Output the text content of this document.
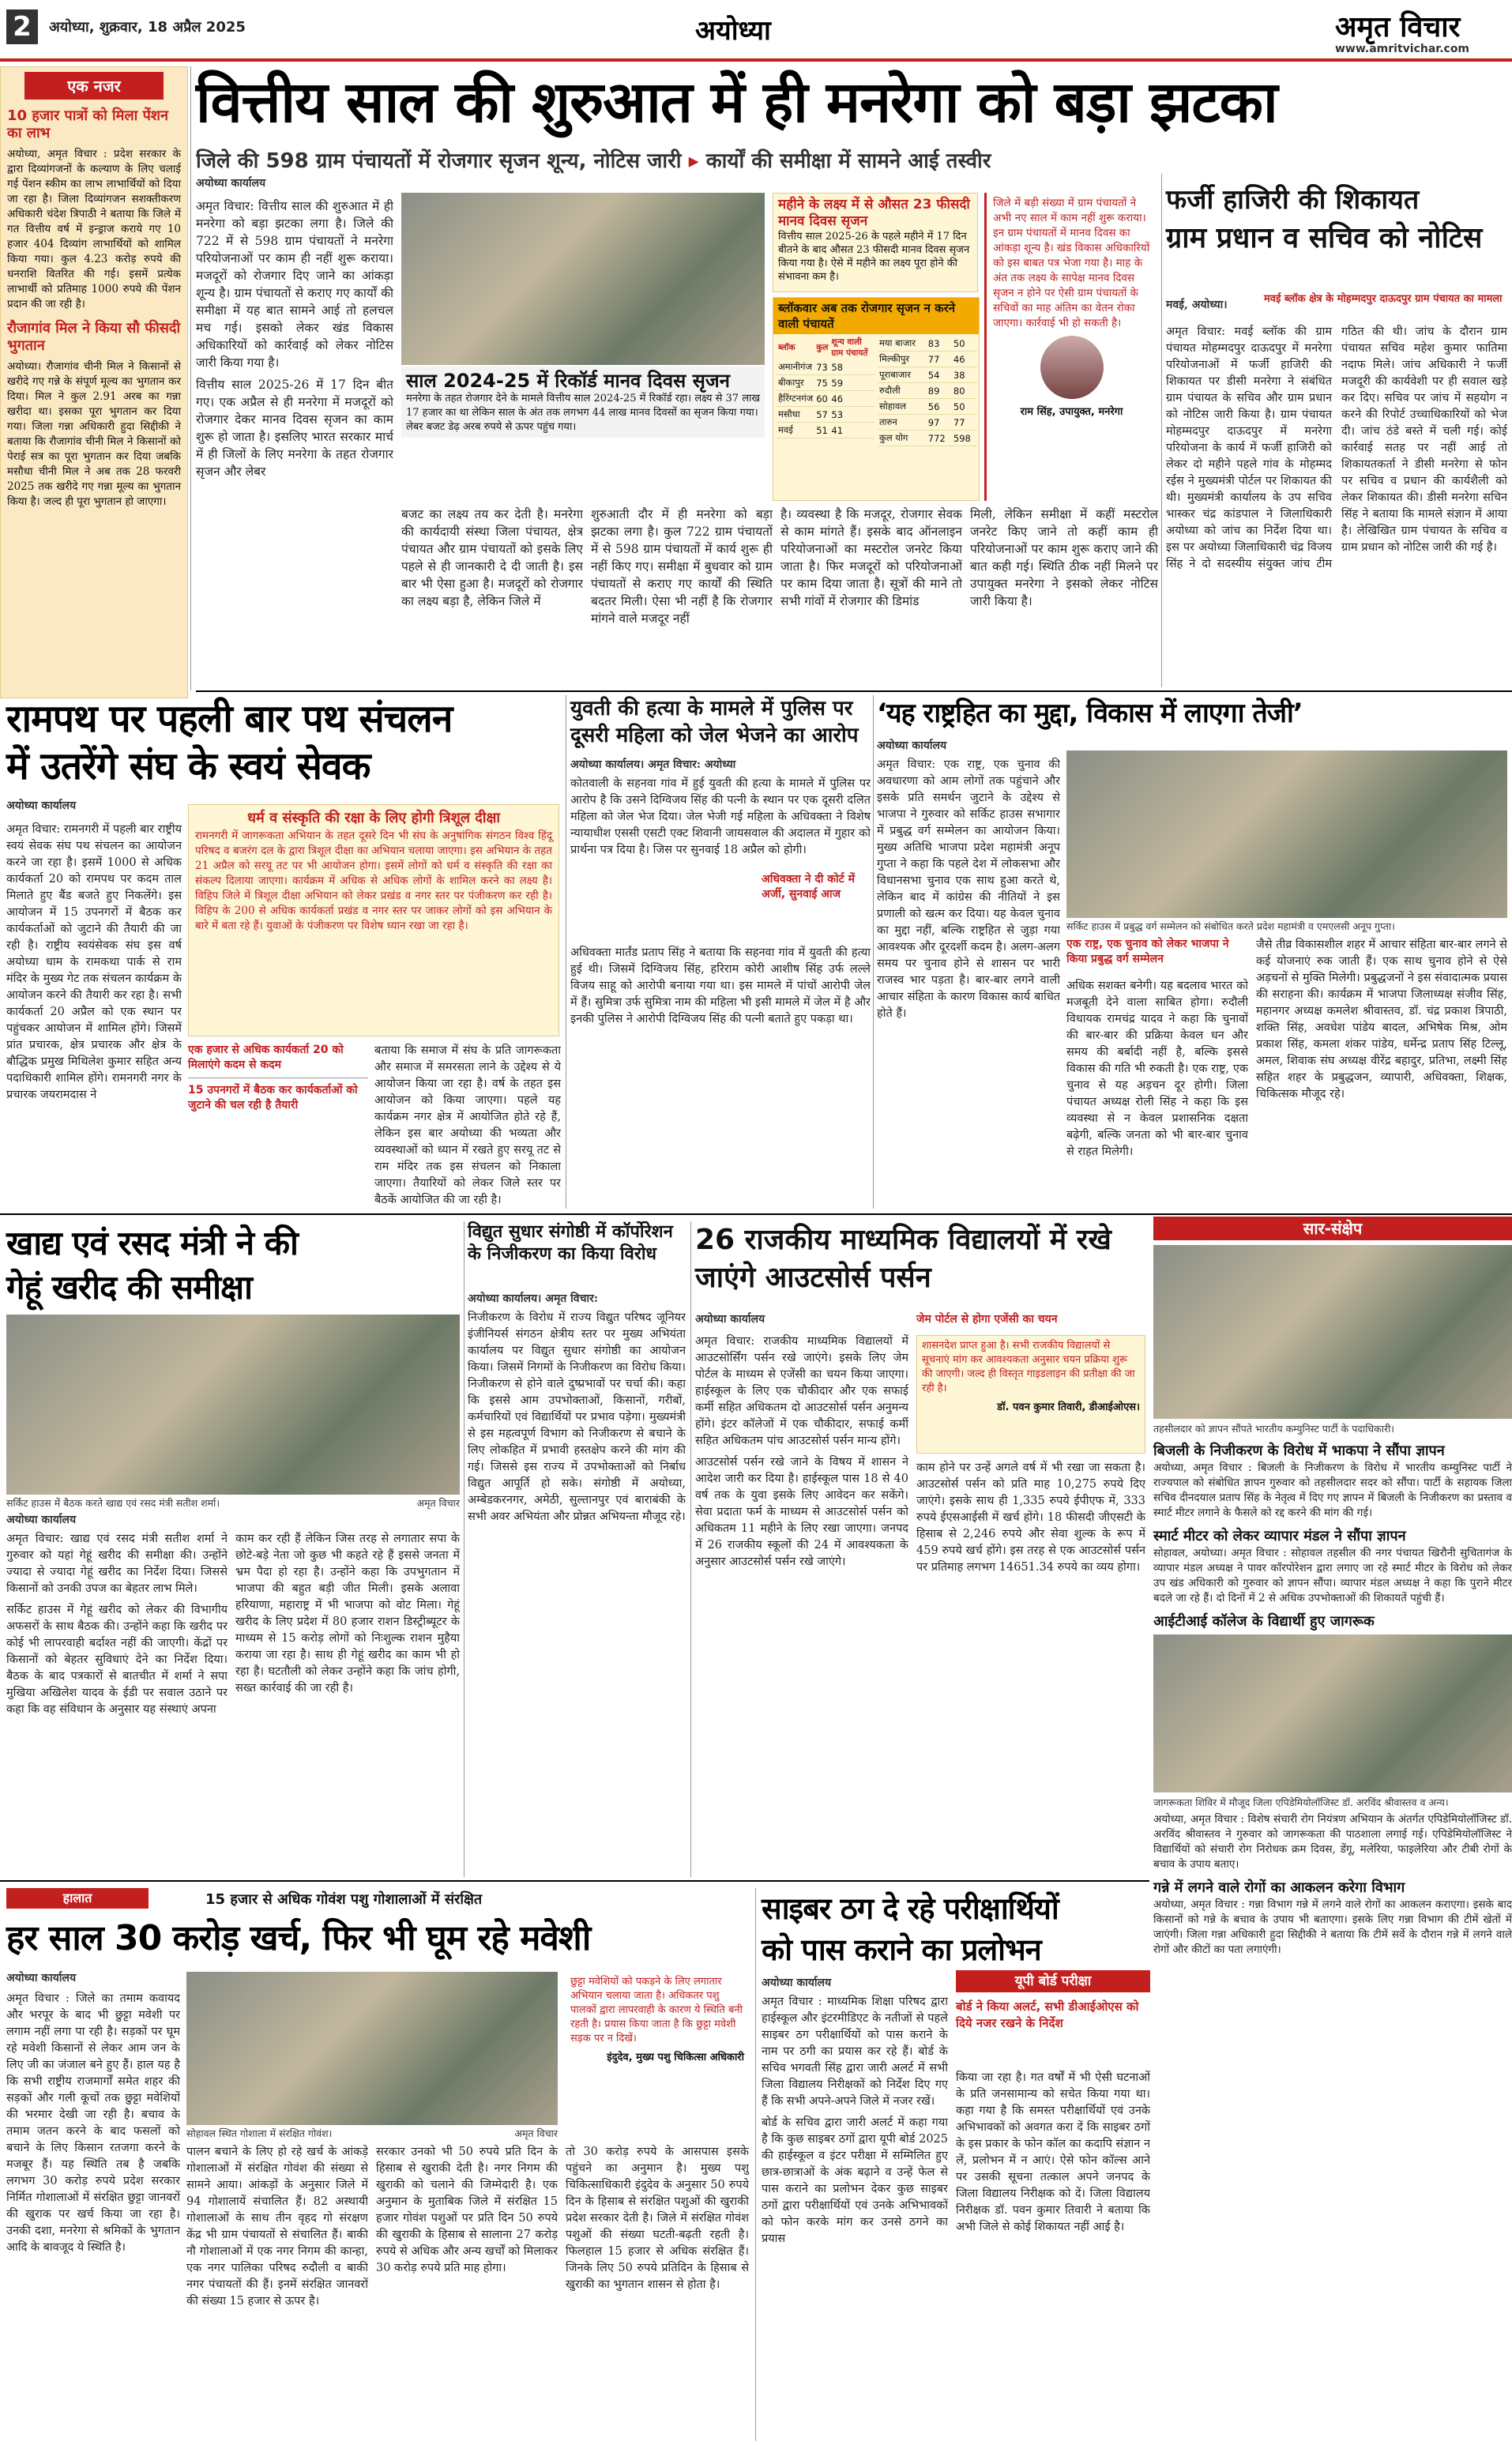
2	अयोध्या, शुक्रवार, 18 अप्रैल 2025	अयोध्या	अमृत विचार
www.amritvichar.com
एक नजर
10 हजार पात्रों को मिला पेंशन का लाभ
अयोध्या, अमृत विचार : प्रदेश सरकार के द्वारा दिव्यांगजनों के कल्याण के लिए चलाई गई पेंशन स्कीम का लाभ लाभार्थियों को दिया जा रहा है। जिला दिव्यांगजन सशक्तीकरण अधिकारी चंदेश त्रिपाठी ने बताया कि जिले में गत वित्तीय वर्ष में इन्ड्राज कराये गए 10 हजार 404 दिव्यांग लाभार्थियों को शामिल किया गया। कुल 4.23 करोड़ रुपये की धनराशि वितरित की गई। इसमें प्रत्येक लाभार्थी को प्रतिमाह 1000 रुपये की पेंशन प्रदान की जा रही है।
रौजागांव मिल ने किया सौ फीसदी भुगतान
अयोध्या। रौजागांव चीनी मिल ने किसानों से खरीदे गए गन्ने के संपूर्ण मूल्य का भुगतान कर दिया। मिल ने कुल 2.91 अरब का गन्ना खरीदा था। इसका पूरा भुगतान कर दिया गया। जिला गन्ना अधिकारी हुदा सिद्दीकी ने बताया कि रौजागांव चीनी मिल ने किसानों को पेराई सत्र का पूरा भुगतान कर दिया जबकि मसौधा चीनी मिल ने अब तक 28 फरवरी 2025 तक खरीदे गए गन्ना मूल्य का भुगतान किया है। जल्द ही पूरा भुगतान हो जाएगा।
वित्तीय साल की शुरुआत में ही मनरेगा को बड़ा झटका
जिले की 598 ग्राम पंचायतों में रोजगार सृजन शून्य, नोटिस जारी ▸ कार्यों की समीक्षा में सामने आई तस्वीर
अयोध्या कार्यालय
साल 2024-25 में रिकॉर्ड मानव दिवस सृजन
मनरेगा के तहत रोजगार देने के मामले वित्तीय साल 2024-25 में रिकॉर्ड रहा। लक्ष्य से 37 लाख 17 हजार का था लेकिन साल के अंत तक लगभग 44 लाख मानव दिवसों का सृजन किया गया। लेबर बजट डेढ़ अरब रुपये से ऊपर पहुंच गया।

अमृत विचार: वित्तीय साल की शुरुआत में ही मनरेगा को बड़ा झटका लगा है। जिले की 722 में से 598 ग्राम पंचायतों ने मनरेगा परियोजनाओं पर काम ही नहीं शुरू कराया। मजदूरों को रोजगार दिए जाने का आंकड़ा शून्य है। ग्राम पंचायतों से कराए गए कार्यों की समीक्षा में यह बात सामने आई तो हलचल मच गई। इसको लेकर खंड विकास अधिकारियों को कार्रवाई को लेकर नोटिस जारी किया गया है।

वित्तीय साल 2025-26 में 17 दिन बीत गए। एक अप्रैल से ही मनरेगा में मजदूरों को रोजगार देकर मानव दिवस सृजन का काम शुरू हो जाता है। इसलिए भारत सरकार मार्च में ही जिलों के लिए मनरेगा के तहत रोजगार सृजन और लेबर

बजट का लक्ष्य तय कर देती है। मनरेगा की कार्यदायी संस्था जिला पंचायत, क्षेत्र पंचायत और ग्राम पंचायतों को इसके लिए पहले से ही जानकारी दे दी जाती है। इस बार भी ऐसा हुआ है। मजदूरों को रोजगार का लक्ष्य बड़ा है, लेकिन जिले में

शुरुआती दौर में ही मनरेगा को बड़ा झटका लगा है। कुल 722 ग्राम पंचायतों में से 598 ग्राम पंचायतों में कार्य शुरू ही नहीं किए गए। समीक्षा में बुधवार को ग्राम पंचायतों से कराए गए कार्यों की स्थिति बदतर मिली। ऐसा भी नहीं है कि रोजगार मांगने वाले मजदूर नहीं

है। व्यवस्था है कि मजदूर, रोजगार सेवक से काम मांगते हैं। इसके बाद ऑनलाइन परियोजनाओं का मस्टरोल जनरेट किया जाता है। फिर मजदूरों को परियोजनाओं पर काम दिया जाता है। सूत्रों की माने तो सभी गांवों में रोजगार की डिमांड

मिली, लेकिन समीक्षा में कहीं मस्टरोल जनरेट किए जाने तो कहीं काम ही परियोजनाओं पर काम शुरू कराए जाने की बात कही गई। स्थिति ठीक नहीं मिलने पर उपायुक्त मनरेगा ने इसको लेकर नोटिस जारी किया है।

महीने के लक्ष्य में से औसत 23 फीसदी मानव दिवस सृजन
वित्तीय साल 2025-26 के पहले महीने में 17 दिन बीतने के बाद औसत 23 फीसदी मानव दिवस सृजन किया गया है। ऐसे में महीने का लक्ष्य पूरा होने की संभावना कम है।
जिले में बड़ी संख्या में ग्राम पंचायतों ने अभी नए साल में काम नहीं शुरू कराया। इन ग्राम पंचायतों में मानव दिवस का आंकड़ा शून्य है। खंड विकास अधिकारियों को इस बाबत पत्र भेजा गया है। माह के अंत तक लक्ष्य के सापेक्ष मानव दिवस सृजन न होने पर ऐसी ग्राम पंचायतों के सचिवों का माह अंतिम का वेतन रोका जाएगा। कार्रवाई भी हो सकती है।
राम सिंह, उपायुक्त, मनरेगा
ब्लॉकवार अब तक रोजगार सृजन न करने वाली पंचायतें
ब्लॉक	कुल	शून्य वाली ग्राम पंचायतें
अमानीगंज	73	58
बीकापुर	75	59
हैरिंग्टनगंज	60	46
मसौधा	57	53
मवई	51	41
मया बाजार	83	50
मिल्कीपुर	77	46
पूराबाजार	54	38
रुदौली	89	80
सोहावल	56	50
तारुन	97	77
कुल योग	772	598
फर्जी हाजिरी की शिकायत
ग्राम प्रधान व सचिव को नोटिस
मवई ब्लॉक क्षेत्र के मोहम्मदपुर दाऊदपुर ग्राम पंचायत का मामला
मवई, अयोध्या।
अमृत विचार: मवई ब्लॉक की ग्राम पंचायत मोहम्मदपुर दाऊदपुर में मनरेगा परियोजनाओं में फर्जी हाजिरी की शिकायत पर डीसी मनरेगा ने संबंधित ग्राम पंचायत के सचिव और ग्राम प्रधान को नोटिस जारी किया है। ग्राम पंचायत मोहम्मदपुर दाऊदपुर में मनरेगा परियोजना के कार्य में फर्जी हाजिरी को लेकर दो महीने पहले गांव के मोहम्मद रईस ने मुख्यमंत्री पोर्टल पर शिकायत की थी। मुख्यमंत्री कार्यालय के उप सचिव भास्कर चंद्र कांडपाल ने जिलाधिकारी अयोध्या को जांच का निर्देश दिया था। इस पर अयोध्या जिलाधिकारी चंद्र विजय सिंह ने दो सदस्यीय संयुक्त जांच टीम गठित की थी। जांच के दौरान ग्राम पंचायत सचिव महेश कुमार फातिमा नदाफ मिले। जांच अधिकारी ने फर्जी मजदूरी की कार्यवेशी पर ही सवाल खड़े कर दिए। सचिव पर जांच में सहयोग न करने की रिपोर्ट उच्चाधिकारियों को भेज दी। जांच ठंडे बस्ते में चली गई। कोई कार्रवाई सतह पर नहीं आई तो शिकायतकर्ता ने डीसी मनरेगा से फोन पर सचिव व प्रधान की कार्यशैली को लेकर शिकायत की। डीसी मनरेगा सचिन सिंह ने बताया कि मामले संज्ञान में आया है। लेखिखित ग्राम पंचायत के सचिव व ग्राम प्रधान को नोटिस जारी की गई है।
रामपथ पर पहली बार पथ संचलन
में उतरेंगे संघ के स्वयं सेवक
अयोध्या कार्यालय
धर्म व संस्कृति की रक्षा के लिए होगी त्रिशूल दीक्षा
रामनगरी में जागरूकता अभियान के तहत दूसरे दिन भी संघ के अनुषांगिक संगठन विश्व हिंदू परिषद व बजरंग दल के द्वारा त्रिशूल दीक्षा का अभियान चलाया जाएगा। इस अभियान के तहत 21 अप्रैल को सरयू तट पर भी आयोजन होगा। इसमें लोगों को धर्म व संस्कृति की रक्षा का संकल्प दिलाया जाएगा। कार्यक्रम में अधिक से अधिक लोगों के शामिल करने का लक्ष्य है। विहिप जिले में त्रिशूल दीक्षा अभियान को लेकर प्रखंड व नगर स्तर पर पंजीकरण कर रही है। विहिप के 200 से अधिक कार्यकर्ता प्रखंड व नगर स्तर पर जाकर लोगों को इस अभियान के बारे में बता रहे हैं। युवाओं के पंजीकरण पर विशेष ध्यान रखा जा रहा है।
अमृत विचार: रामनगरी में पहली बार राष्ट्रीय स्वयं सेवक संघ पथ संचलन का आयोजन करने जा रहा है। इसमें 1000 से अधिक कार्यकर्ता 20 को रामपथ पर कदम ताल मिलाते हुए बैंड बजते हुए निकलेंगे। इस आयोजन में 15 उपनगरों में बैठक कर कार्यकर्ताओं को जुटाने की तैयारी की जा रही है। राष्ट्रीय स्वयंसेवक संघ इस वर्ष अयोध्या धाम के रामकथा पार्क से राम मंदिर के मुख्य गेट तक संचलन कार्यक्रम के आयोजन करने की तैयारी कर रहा है। सभी कार्यकर्ता 20 अप्रैल को एक स्थान पर पहुंचकर आयोजन में शामिल होंगे। जिसमें प्रांत प्रचारक, क्षेत्र प्रचारक और क्षेत्र के बौद्धिक प्रमुख मिथिलेश कुमार सहित अन्य पदाधिकारी शामिल होंगे। रामनगरी नगर के प्रचारक जयरामदास ने
एक हजार से अधिक कार्यकर्ता 20 को मिलाएंगे कदम से कदम
15 उपनगरों में बैठक कर कार्यकर्ताओं को जुटाने की चल रही है तैयारी
बताया कि समाज में संघ के प्रति जागरूकता और समाज में समरसता लाने के उद्देश्य से ये आयोजन किया जा रहा है। वर्ष के तहत इस आयोजन को किया जाएगा। पहले यह कार्यक्रम नगर क्षेत्र में आयोजित होते रहे हैं, लेकिन इस बार अयोध्या की भव्यता और व्यवस्थाओं को ध्यान में रखते हुए सरयू तट से राम मंदिर तक इस संचलन को निकाला जाएगा। तैयारियों को लेकर जिले स्तर पर बैठकें आयोजित की जा रही है।
युवती की हत्या के मामले में पुलिस पर दूसरी महिला को जेल भेजने का आरोप
अयोध्या कार्यालय। अमृत विचार: अयोध्या
कोतवाली के सहनवा गांव में हुई युवती की हत्या के मामले में पुलिस पर आरोप है कि उसने दिग्विजय सिंह की पत्नी के स्थान पर एक दूसरी दलित महिला को जेल भेज दिया। जेल भेजी गई महिला के अधिवक्ता ने विशेष न्यायाधीश एससी एसटी एक्ट शिवानी जायसवाल की अदालत में गुहार को प्रार्थना पत्र दिया है। जिस पर सुनवाई 18 अप्रैल को होगी।
अधिवक्ता ने दी कोर्ट में अर्जी, सुनवाई आज
अधिवक्ता मार्तंड प्रताप सिंह ने बताया कि सहनवा गांव में युवती की हत्या हुई थी। जिसमें दिग्विजय सिंह, हरिराम कोरी आशीष सिंह उर्फ लल्ले विजय साहू को आरोपी बनाया गया था। इस मामले में पांचों आरोपी जेल में हैं। सुमित्रा उर्फ सुमित्रा नाम की महिला भी इसी मामले में जेल में है और इनकी पुलिस ने आरोपी दिग्विजय सिंह की पत्नी बताते हुए पकड़ा था।
‘यह राष्ट्रहित का मुद्दा, विकास में लाएगा तेजी’
अयोध्या कार्यालय
सर्किट हाउस में प्रबुद्ध वर्ग सम्मेलन को संबोधित करते प्रदेश महामंत्री व एमएलसी अनूप गुप्ता।
अमृत विचार: एक राष्ट्र, एक चुनाव की अवधारणा को आम लोगों तक पहुंचाने और इसके प्रति समर्थन जुटाने के उद्देश्य से भाजपा ने गुरुवार को सर्किट हाउस सभागार में प्रबुद्ध वर्ग सम्मेलन का आयोजन किया। मुख्य अतिथि भाजपा प्रदेश महामंत्री अनूप गुप्ता ने कहा कि पहले देश में लोकसभा और विधानसभा चुनाव एक साथ हुआ करते थे, लेकिन बाद में कांग्रेस की नीतियों ने इस प्रणाली को खत्म कर दिया। यह केवल चुनाव का मुद्दा नहीं, बल्कि राष्ट्रहित से जुड़ा गया आवश्यक और दूरदर्शी कदम है। अलग-अलग समय पर चुनाव होने से शासन पर भारी राजस्व भार पड़ता है। बार-बार लगने वाली आचार संहिता के कारण विकास कार्य बाधित होते हैं।
एक राष्ट्र, एक चुनाव को लेकर भाजपा ने किया प्रबुद्ध वर्ग सम्मेलन
अधिक सशक्त बनेगी। यह बदलाव भारत को मजबूती देने वाला साबित होगा। रुदौली विधायक रामचंद्र यादव ने कहा कि चुनावों की बार-बार की प्रक्रिया केवल धन और समय की बर्बादी नहीं है, बल्कि इससे विकास की गति भी रुकती है। एक राष्ट्र, एक चुनाव से यह अड़चन दूर होगी। जिला पंचायत अध्यक्ष रोली सिंह ने कहा कि इस व्यवस्था से न केवल प्रशासनिक दक्षता बढ़ेगी, बल्कि जनता को भी बार-बार चुनाव से राहत मिलेगी।
जैसे तीव्र विकासशील शहर में आचार संहिता बार-बार लगने से कई योजनाएं रुक जाती हैं। एक साथ चुनाव होने से ऐसे अड़चनों से मुक्ति मिलेगी। प्रबुद्धजनों ने इस संवादात्मक प्रयास की सराहना की। कार्यक्रम में भाजपा जिलाध्यक्ष संजीव सिंह, महानगर अध्यक्ष कमलेश श्रीवास्तव, डॉ. चंद्र प्रकाश त्रिपाठी, शक्ति सिंह, अवधेश पांडेय बादल, अभिषेक मिश्र, ओम प्रकाश सिंह, कमला शंकर पांडेय, धर्मेन्द्र प्रताप सिंह टिल्लू, अमल, शिवाक संघ अध्यक्ष वीरेंद्र बहादुर, प्रतिभा, लक्ष्मी सिंह सहित शहर के प्रबुद्धजन, व्यापारी, अधिवक्ता, शिक्षक, चिकित्सक मौजूद रहे।
खाद्य एवं रसद मंत्री ने की
गेहूं खरीद की समीक्षा
सर्किट हाउस में बैठक करते खाद्य एवं रसद मंत्री सतीश शर्मा।	अमृत विचार
अयोध्या कार्यालय

अमृत विचार: खाद्य एवं रसद मंत्री सतीश शर्मा ने गुरुवार को यहां गेहूं खरीद की समीक्षा की। उन्होंने ज्यादा से ज्यादा गेहूं खरीद का निर्देश दिया। जिससे किसानों को उनकी उपज का बेहतर लाभ मिले।

सर्किट हाउस में गेहूं खरीद को लेकर की विभागीय अफसरों के साथ बैठक की। उन्होंने कहा कि खरीद पर कोई भी लापरवाही बर्दाश्त नहीं की जाएगी। केंद्रों पर किसानों को बेहतर सुविधाएं देने का निर्देश दिया। बैठक के बाद पत्रकारों से बातचीत में शर्मा ने सपा मुखिया अखिलेश यादव के ईडी पर सवाल उठाने पर कहा कि वह संविधान के अनुसार यह संस्थाएं अपना

काम कर रही हैं लेकिन जिस तरह से लगातार सपा के छोटे-बड़े नेता जो कुछ भी कहते रहे हैं इससे जनता में भ्रम पैदा हो रहा है। उन्होंने कहा कि उपभुगतान में भाजपा की बहुत बड़ी जीत मिली। इसके अलावा हरियाणा, महाराष्ट्र में भी भाजपा को वोट मिला। गेहूं खरीद के लिए प्रदेश में 80 हजार राशन डिस्ट्रीब्यूटर के माध्यम से 15 करोड़ लोगों को निःशुल्क राशन मुहैया कराया जा रहा है। साथ ही गेहूं खरीद का काम भी हो रहा है। घटतौली को लेकर उन्होंने कहा कि जांच होगी, सख्त कार्रवाई की जा रही है।
विद्युत सुधार संगोष्ठी में कॉर्पोरेशन के निजीकरण का किया विरोध
अयोध्या कार्यालय। अमृत विचार:
निजीकरण के विरोध में राज्य विद्युत परिषद जूनियर इंजीनियर्स संगठन क्षेत्रीय स्तर पर मुख्य अभियंता कार्यालय पर विद्युत सुधार संगोष्ठी का आयोजन किया। जिसमें निगमों के निजीकरण का विरोध किया। निजीकरण से होने वाले दुष्प्रभावों पर चर्चा की। कहा कि इससे आम उपभोक्ताओं, किसानों, गरीबों, कर्मचारियों एवं विद्यार्थियों पर प्रभाव पड़ेगा। मुख्यमंत्री से इस महत्वपूर्ण विभाग को निजीकरण से बचाने के लिए लोकहित में प्रभावी हस्तक्षेप करने की मांग की गई। जिससे इस राज्य में उपभोक्ताओं को निर्बाध विद्युत आपूर्ति हो सके। संगोष्ठी में अयोध्या, अम्बेडकरनगर, अमेठी, सुल्तानपुर एवं बाराबंकी के सभी अवर अभियंता और प्रोन्नत अभियन्ता मौजूद रहे।
26 राजकीय माध्यमिक विद्यालयों में रखे जाएंगे आउटसोर्स पर्सन
अयोध्या कार्यालय	जेम पोर्टल से होगा एजेंसी का चयन

अमृत विचार: राजकीय माध्यमिक विद्यालयों में आउटसोर्सिंग पर्सन रखे जाएंगे। इसके लिए जेम पोर्टल के माध्यम से एजेंसी का चयन किया जाएगा। हाईस्कूल के लिए एक चौकीदार और एक सफाई कर्मी सहित अधिकतम दो आउटसोर्स पर्सन अनुमन्य होंगे। इंटर कॉलेजों में एक चौकीदार, सफाई कर्मी सहित अधिकतम पांच आउटसोर्स पर्सन मान्य होंगे।

आउटसोर्स पर्सन रखे जाने के विषय में शासन ने आदेश जारी कर दिया है। हाईस्कूल पास 18 से 40 वर्ष तक के युवा इसके लिए आवेदन कर सकेंगे। सेवा प्रदाता फर्म के माध्यम से आउटसोर्स पर्सन को अधिकतम 11 महीने के लिए रखा जाएगा। जनपद में 26 राजकीय स्कूलों की 24 में आवश्यकता के अनुसार आउटसोर्स पर्सन रखे जाएंगे।

शासनदेश प्राप्त हुआ है। सभी राजकीय विद्यालयों से सूचनाएं मांग कर आवश्यकता अनुसार चयन प्रक्रिया शुरू की जाएगी। जल्द ही विस्तृत गाइडलाइन की प्रतीक्षा की जा रही है।
डॉ. पवन कुमार तिवारी, डीआईओएस।
काम होने पर उन्हें अगले वर्ष में भी रखा जा सकता है। आउटसोर्स पर्सन को प्रति माह 10,275 रुपये दिए जाएंगे। इसके साथ ही 1,335 रुपये ईपीएफ में, 333 रुपये ईएसआईसी में खर्च होंगे। 18 फीसदी जीएसटी के हिसाब से 2,246 रुपये और सेवा शुल्क के रूप में 459 रुपये खर्च होंगे। इस तरह से एक आउटसोर्स पर्सन पर प्रतिमाह लगभग 14651.34 रुपये का व्यय होगा।
सार-संक्षेप
तहसीलदार को ज्ञापन सौंपते भारतीय कम्युनिस्ट पार्टी के पदाधिकारी।
बिजली के निजीकरण के विरोध में भाकपा ने सौंपा ज्ञापन
अयोध्या, अमृत विचार : बिजली के निजीकरण के विरोध में भारतीय कम्युनिस्ट पार्टी ने राज्यपाल को संबोधित ज्ञापन गुरुवार को तहसीलदार सदर को सौंपा। पार्टी के सहायक जिला सचिव दीनदयाल प्रताप सिंह के नेतृत्व में दिए गए ज्ञापन में बिजली के निजीकरण का प्रस्ताव व स्मार्ट मीटर लगाने के फैसले को रद्द करने की मांग की गई।
स्मार्ट मीटर को लेकर व्यापार मंडल ने सौंपा ज्ञापन
सोहावल, अयोध्या। अमृत विचार : सोहावल तहसील की नगर पंचायत खिरौनी सुचितागंज के व्यापार मंडल अध्यक्ष ने पावर कॉरपोरेशन द्वारा लगाए जा रहे स्मार्ट मीटर के विरोध को लेकर उप खंड अधिकारी को गुरुवार को ज्ञापन सौंपा। व्यापार मंडल अध्यक्ष ने कहा कि पुराने मीटर बदले जा रहे हैं। दो दिनों में 2 से अधिक उपभोक्ताओं की शिकायतें पहुंची हैं।
आईटीआई कॉलेज के विद्यार्थी हुए जागरूक
जागरूकता शिविर में मौजूद जिला एपिडेमियोलॉजिस्ट डॉ. अरविंद श्रीवास्तव व अन्य।
अयोध्या, अमृत विचार : विशेष संचारी रोग नियंत्रण अभियान के अंतर्गत एपिडेमियोलॉजिस्ट डॉ. अरविंद श्रीवास्तव ने गुरुवार को जागरूकता की पाठशाला लगाई गई। एपिडेमियोलॉजिस्ट ने विद्यार्थियों को संचारी रोग निरोधक क्रम दिवस, डेंगू, मलेरिया, फाइलेरिया और टीबी रोगों के बचाव के उपाय बताए।
गन्ने में लगने वाले रोगों का आकलन करेगा विभाग
अयोध्या, अमृत विचार : गन्ना विभाग गन्ने में लगने वाले रोगों का आकलन कराएगा। इसके बाद किसानों को गन्ने के बचाव के उपाय भी बताएगा। इसके लिए गन्ना विभाग की टीमें खेतों में जाएंगी। जिला गन्ना अधिकारी हुदा सिद्दीकी ने बताया कि टीमें सर्वे के दौरान गन्ने में लगने वाले रोगों और कीटों का पता लगाएंगी।
हालात	15 हजार से अधिक गोवंश पशु गोशालाओं में संरक्षित
हर साल 30 करोड़ खर्च, फिर भी घूम रहे मवेशी
अयोध्या कार्यालय
सोहावल स्थित गोशाला में संरक्षित गोवंश।	अमृत विचार
छुट्टा मवेशियों को पकड़ने के लिए लगातार अभियान चलाया जाता है। अधिकतर पशु पालकों द्वारा लापरवाही के कारण ये स्थिति बनी रहती है। प्रयास किया जाता है कि छुट्टा मवेशी सड़क पर न दिखें।
इंदुदेव, मुख्य पशु चिकित्सा अधिकारी
अमृत विचार : जिले का तमाम कवायद और भरपूर के बाद भी छुट्टा मवेशी पर लगाम नहीं लगा पा रही है। सड़कों पर घूम रहे मवेशी किसानों से लेकर आम जन के लिए जी का जंजाल बने हुए हैं। हाल यह है कि सभी राष्ट्रीय राजमार्गों समेत शहर की सड़कों और गली कूचों तक छुट्टा मवेशियों की भरमार देखी जा रही है। बचाव के तमाम जतन करने के बाद फसलों को बचाने के लिए किसान रतजगा करने के मजबूर हैं। यह स्थिति तब है जबकि लगभग 30 करोड़ रुपये प्रदेश सरकार निर्मित गोशालाओं में संरक्षित छुट्टा जानवरों की खुराक पर खर्च किया जा रहा है। उनकी दशा, मनरेगा से श्रमिकों के भुगतान आदि के बावजूद ये स्थिति है।
पालन बचाने के लिए हो रहे खर्च के आंकड़े गोशालाओं में संरक्षित गोवंश की संख्या से सामने आया। आंकड़ों के अनुसार जिले में 94 गोशालायें संचालित हैं। 82 अस्थायी गोशालाओं के साथ तीन वृहद गो संरक्षण केंद्र भी ग्राम पंचायतों से संचालित हैं। बाकी नौ गोशालाओं में एक नगर निगम की कान्हा, एक नगर पालिका परिषद रुदौली व बाकी नगर पंचायतों की हैं। इनमें संरक्षित जानवरों की संख्या 15 हजार से ऊपर है।
सरकार उनको भी 50 रुपये प्रति दिन के हिसाब से खुराकी देती है। नगर निगम की खुराकी को चलाने की जिम्मेदारी है। एक अनुमान के मुताबिक जिले में संरक्षित 15 हजार गोवंश पशुओं पर प्रति दिन 50 रुपये की खुराकी के हिसाब से सालाना 27 करोड़ रुपये से अधिक और अन्य खर्चों को मिलाकर 30 करोड़ रुपये प्रति माह होगा।
तो 30 करोड़ रुपये के आसपास इसके पहुंचने का अनुमान है। मुख्य पशु चिकित्साधिकारी इंदुदेव के अनुसार 50 रुपये दिन के हिसाब से संरक्षित पशुओं की खुराकी प्रदेश सरकार देती है। जिले में संरक्षित गोवंश पशुओं की संख्या घटती-बढ़ती रहती है। फिलहाल 15 हजार से अधिक संरक्षित हैं। जिनके लिए 50 रुपये प्रतिदिन के हिसाब से खुराकी का भुगतान शासन से होता है।
साइबर ठग दे रहे परीक्षार्थियों
को पास कराने का प्रलोभन
यूपी बोर्ड परीक्षा
अयोध्या कार्यालय
बोर्ड ने किया अलर्ट, सभी डीआईओएस को दिये नजर रखने के निर्देश

अमृत विचार : माध्यमिक शिक्षा परिषद द्वारा हाईस्कूल और इंटरमीडिएट के नतीजों से पहले साइबर ठग परीक्षार्थियों को पास कराने के नाम पर ठगी का प्रयास कर रहे हैं। बोर्ड के सचिव भगवती सिंह द्वारा जारी अलर्ट में सभी जिला विद्यालय निरीक्षकों को निर्देश दिए गए हैं कि सभी अपने-अपने जिले में नजर रखें।

बोर्ड के सचिव द्वारा जारी अलर्ट में कहा गया है कि कुछ साइबर ठगों द्वारा यूपी बोर्ड 2025 की हाईस्कूल व इंटर परीक्षा में सम्मिलित हुए छात्र-छात्राओं के अंक बढ़ाने व उन्हें फेल से पास कराने का प्रलोभन देकर कुछ साइबर ठगों द्वारा परीक्षार्थियों एवं उनके अभिभावकों को फोन करके मांग कर उनसे ठगने का प्रयास

किया जा रहा है। गत वर्षों में भी ऐसी घटनाओं के प्रति जनसामान्य को सचेत किया गया था। कहा गया है कि समस्त परीक्षार्थियों एवं उनके अभिभावकों को अवगत करा दें कि साइबर ठगों के इस प्रकार के फोन कॉल का कदापि संज्ञान न लें, प्रलोभन में न आएं। ऐसे फोन कॉल्स आने पर उसकी सूचना तत्काल अपने जनपद के जिला विद्यालय निरीक्षक को दें। जिला विद्यालय निरीक्षक डॉ. पवन कुमार तिवारी ने बताया कि अभी जिले से कोई शिकायत नहीं आई है।
